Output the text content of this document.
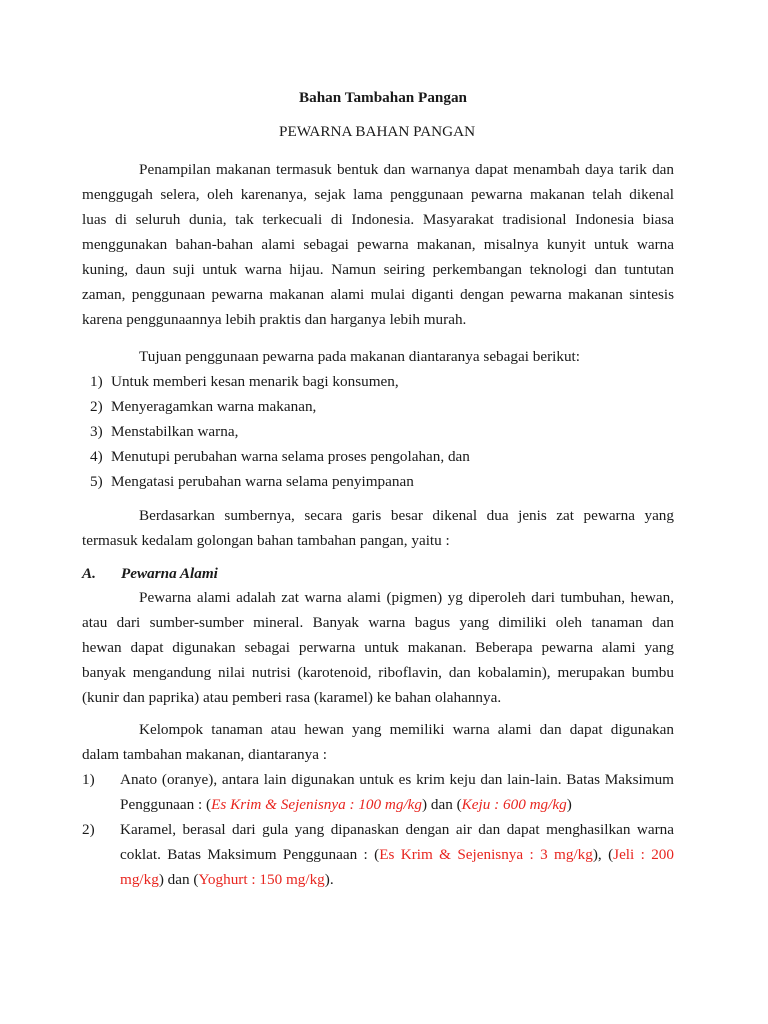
Bahan Tambahan Pangan
PEWARNA BAHAN PANGAN
Penampilan makanan termasuk bentuk dan warnanya dapat menambah daya tarik dan
menggugah selera, oleh karenanya, sejak lama penggunaan pewarna makanan telah dikenal
luas di seluruh dunia, tak terkecuali di Indonesia. Masyarakat tradisional Indonesia biasa
menggunakan bahan-bahan alami sebagai pewarna makanan, misalnya kunyit untuk warna
kuning, daun suji untuk warna hijau. Namun seiring perkembangan teknologi dan tuntutan
zaman, penggunaan pewarna makanan alami mulai diganti dengan pewarna makanan sintesis
karena penggunaannya lebih praktis dan harganya lebih murah.
Tujuan penggunaan pewarna pada makanan diantaranya sebagai berikut:
1) Untuk memberi kesan menarik bagi konsumen,
2) Menyeragamkan warna makanan,
3) Menstabilkan warna,
4) Menutupi perubahan warna selama proses pengolahan, dan
5) Mengatasi perubahan warna selama penyimpanan
Berdasarkan sumbernya, secara garis besar dikenal dua jenis zat pewarna yang
termasuk kedalam golongan bahan tambahan pangan, yaitu :
A. Pewarna Alami
Pewarna alami adalah zat warna alami (pigmen) yg diperoleh dari tumbuhan, hewan,
atau dari sumber-sumber mineral. Banyak warna bagus yang dimiliki oleh tanaman dan
hewan dapat digunakan sebagai perwarna untuk makanan. Beberapa pewarna alami yang
banyak mengandung nilai nutrisi (karotenoid, riboflavin, dan kobalamin), merupakan bumbu
(kunir dan paprika) atau pemberi rasa (karamel) ke bahan olahannya.
Kelompok tanaman atau hewan yang memiliki warna alami dan dapat digunakan
dalam tambahan makanan, diantaranya :
1) Anato (oranye), antara lain digunakan untuk es krim keju dan lain-lain. Batas Maksimum
Penggunaan : (Es Krim & Sejenisnya : 100 mg/kg) dan (Keju : 600 mg/kg)
2) Karamel, berasal dari gula yang dipanaskan dengan air dan dapat menghasilkan warna
coklat. Batas Maksimum Penggunaan : (Es Krim & Sejenisnya : 3 mg/kg), (Jeli : 200
mg/kg) dan (Yoghurt : 150 mg/kg).
